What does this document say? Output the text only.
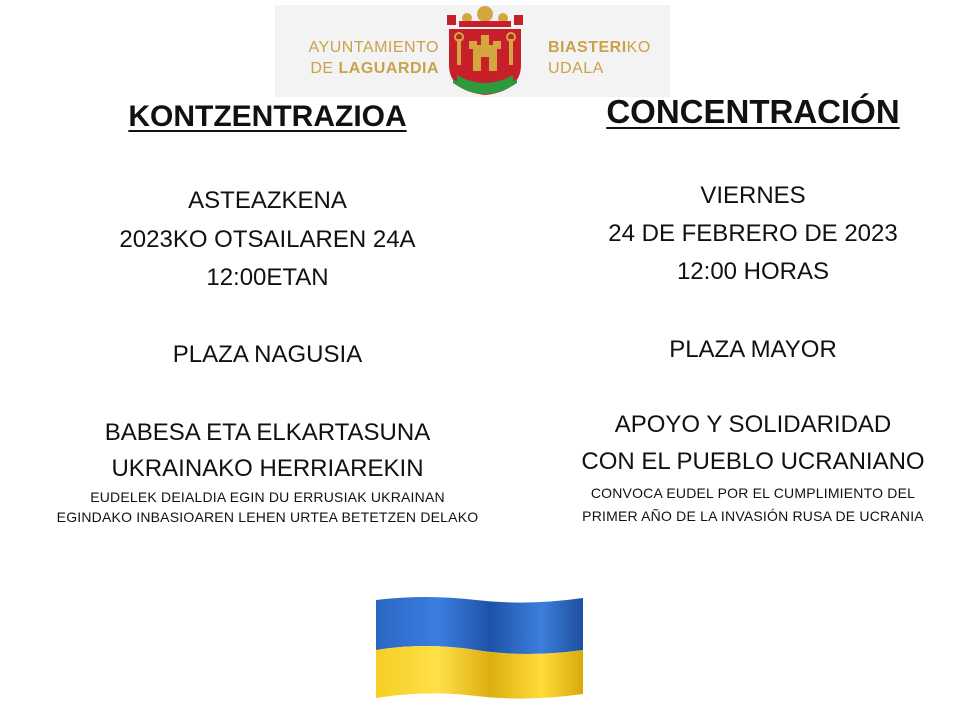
AYUNTAMIENTO
DE LAGUARDIA
BIASTERIKO
UDALA
KONTZENTRAZIOA
ASTEAZKENA
2023KO OTSAILAREN 24A
12:00ETAN
PLAZA NAGUSIA
BABESA ETA ELKARTASUNA
UKRAINAKO HERRIAREKIN
EUDELEK DEIALDIA EGIN DU ERRUSIAK UKRAINAN
EGINDAKO INBASIOAREN LEHEN URTEA BETETZEN DELAKO
CONCENTRACIÓN
VIERNES
24 DE FEBRERO DE 2023
12:00 HORAS
PLAZA MAYOR
APOYO Y SOLIDARIDAD
CON EL PUEBLO UCRANIANO
CONVOCA EUDEL POR EL CUMPLIMIENTO DEL
PRIMER AÑO DE LA INVASIÓN RUSA DE UCRANIA
